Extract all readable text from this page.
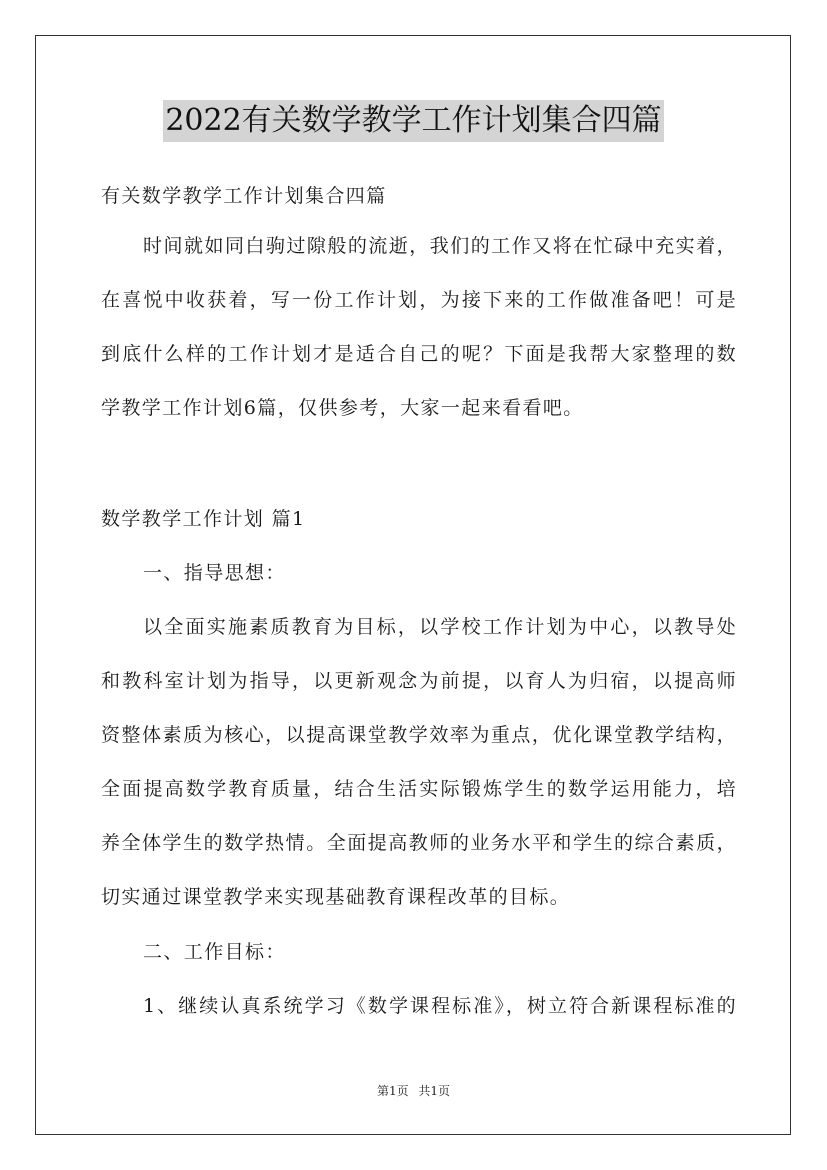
2022有关数学教学工作计划集合四篇
有关数学教学工作计划集合四篇
时间就如同白驹过隙般的流逝，我们的工作又将在忙碌中充实着，
在喜悦中收获着，写一份工作计划，为接下来的工作做准备吧！可是
到底什么样的工作计划才是适合自己的呢？下面是我帮大家整理的数
学教学工作计划6篇，仅供参考，大家一起来看看吧。
数学教学工作计划 篇1
一、指导思想：
以全面实施素质教育为目标，以学校工作计划为中心，以教导处
和教科室计划为指导，以更新观念为前提，以育人为归宿，以提高师
资整体素质为核心，以提高课堂教学效率为重点，优化课堂教学结构，
全面提高数学教育质量，结合生活实际锻炼学生的数学运用能力，培
养全体学生的数学热情。全面提高教师的业务水平和学生的综合素质，
切实通过课堂教学来实现基础教育课程改革的目标。
二、工作目标：
1、继续认真系统学习《数学课程标准》，树立符合新课程标准的
第1页 共1页
